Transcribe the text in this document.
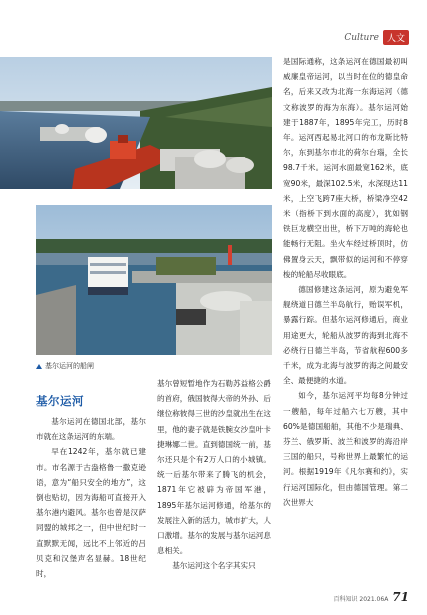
Culture 人文
基尔运河的船闸
基尔运河

基尔运河在德国北部，基尔市就在这条运河的东端。

早在1242年，基尔就已建市。市名源于古盎格鲁一撒克逊语，意为“船只安全的地方”，这倒也贴切，因为海船可直接开入基尔港内避风。基尔也曾是汉萨同盟的城邦之一，但中世纪时一直默默无闻，远比不上邻近的吕贝克和汉堡声名显赫。18世纪时，

基尔曾短暂地作为石勒苏益格公爵的首府，俄国彼得大帝的外孙、后继位称彼得三世的沙皇就出生在这里，他的妻子就是铁腕女沙皇叶卡捷琳娜二世。直到德国统一前，基尔还只是个有2万人口的小城镇。统一后基尔带来了腾飞的机会，1871年它被辟为帝国军港，1895年基尔运河修通，给基尔的发展注入新的活力，城市扩大，人口激增。基尔的发展与基尔运河息息相关。

基尔运河这个名字其实只

是国际通称，这条运河在德国最初叫威廉皇帝运河，以当时在位的德皇命名，后来又改为北海一东海运河（德文称波罗的海为东海）。基尔运河始建于1887年，1895年完工，历时8年。运河西起易北河口的布龙斯比特尔，东到基尔市北的荷尔台瑙，全长98.7千米。运河水面最宽162米，底宽90米，最深102.5米，水深现达11米，上空飞跨7座大桥，桥梁净空42米（指桥下到水面的高度），犹如钢铁巨龙横空出世，桥下万吨的海轮也能畅行无阻。坐火车经过桥顶时，仿佛置身云天，飘带似的运河和不停穿梭的轮船尽收眼底。

德国修建这条运河，原为避免军舰绕道日德兰半岛航行，贻误军机，暴露行踪。但基尔运河修通后，商业用途更大，轮船从波罗的海到北海不必绕行日德兰半岛，节省航程600多千米，成为北海与波罗的海之间最安全、最便捷的水道。

如今，基尔运河平均每8分钟过一艘船，每年过船六七万艘，其中60%是德国船舶，其他不少是瑞典、芬兰、俄罗斯、波兰和波罗的海沿岸三国的船只，号称世界上最繁忙的运河。根据1919年《凡尔赛和约》，实行运河国际化，但由德国管理。第二次世界大

百科知识 2021.06A 71
